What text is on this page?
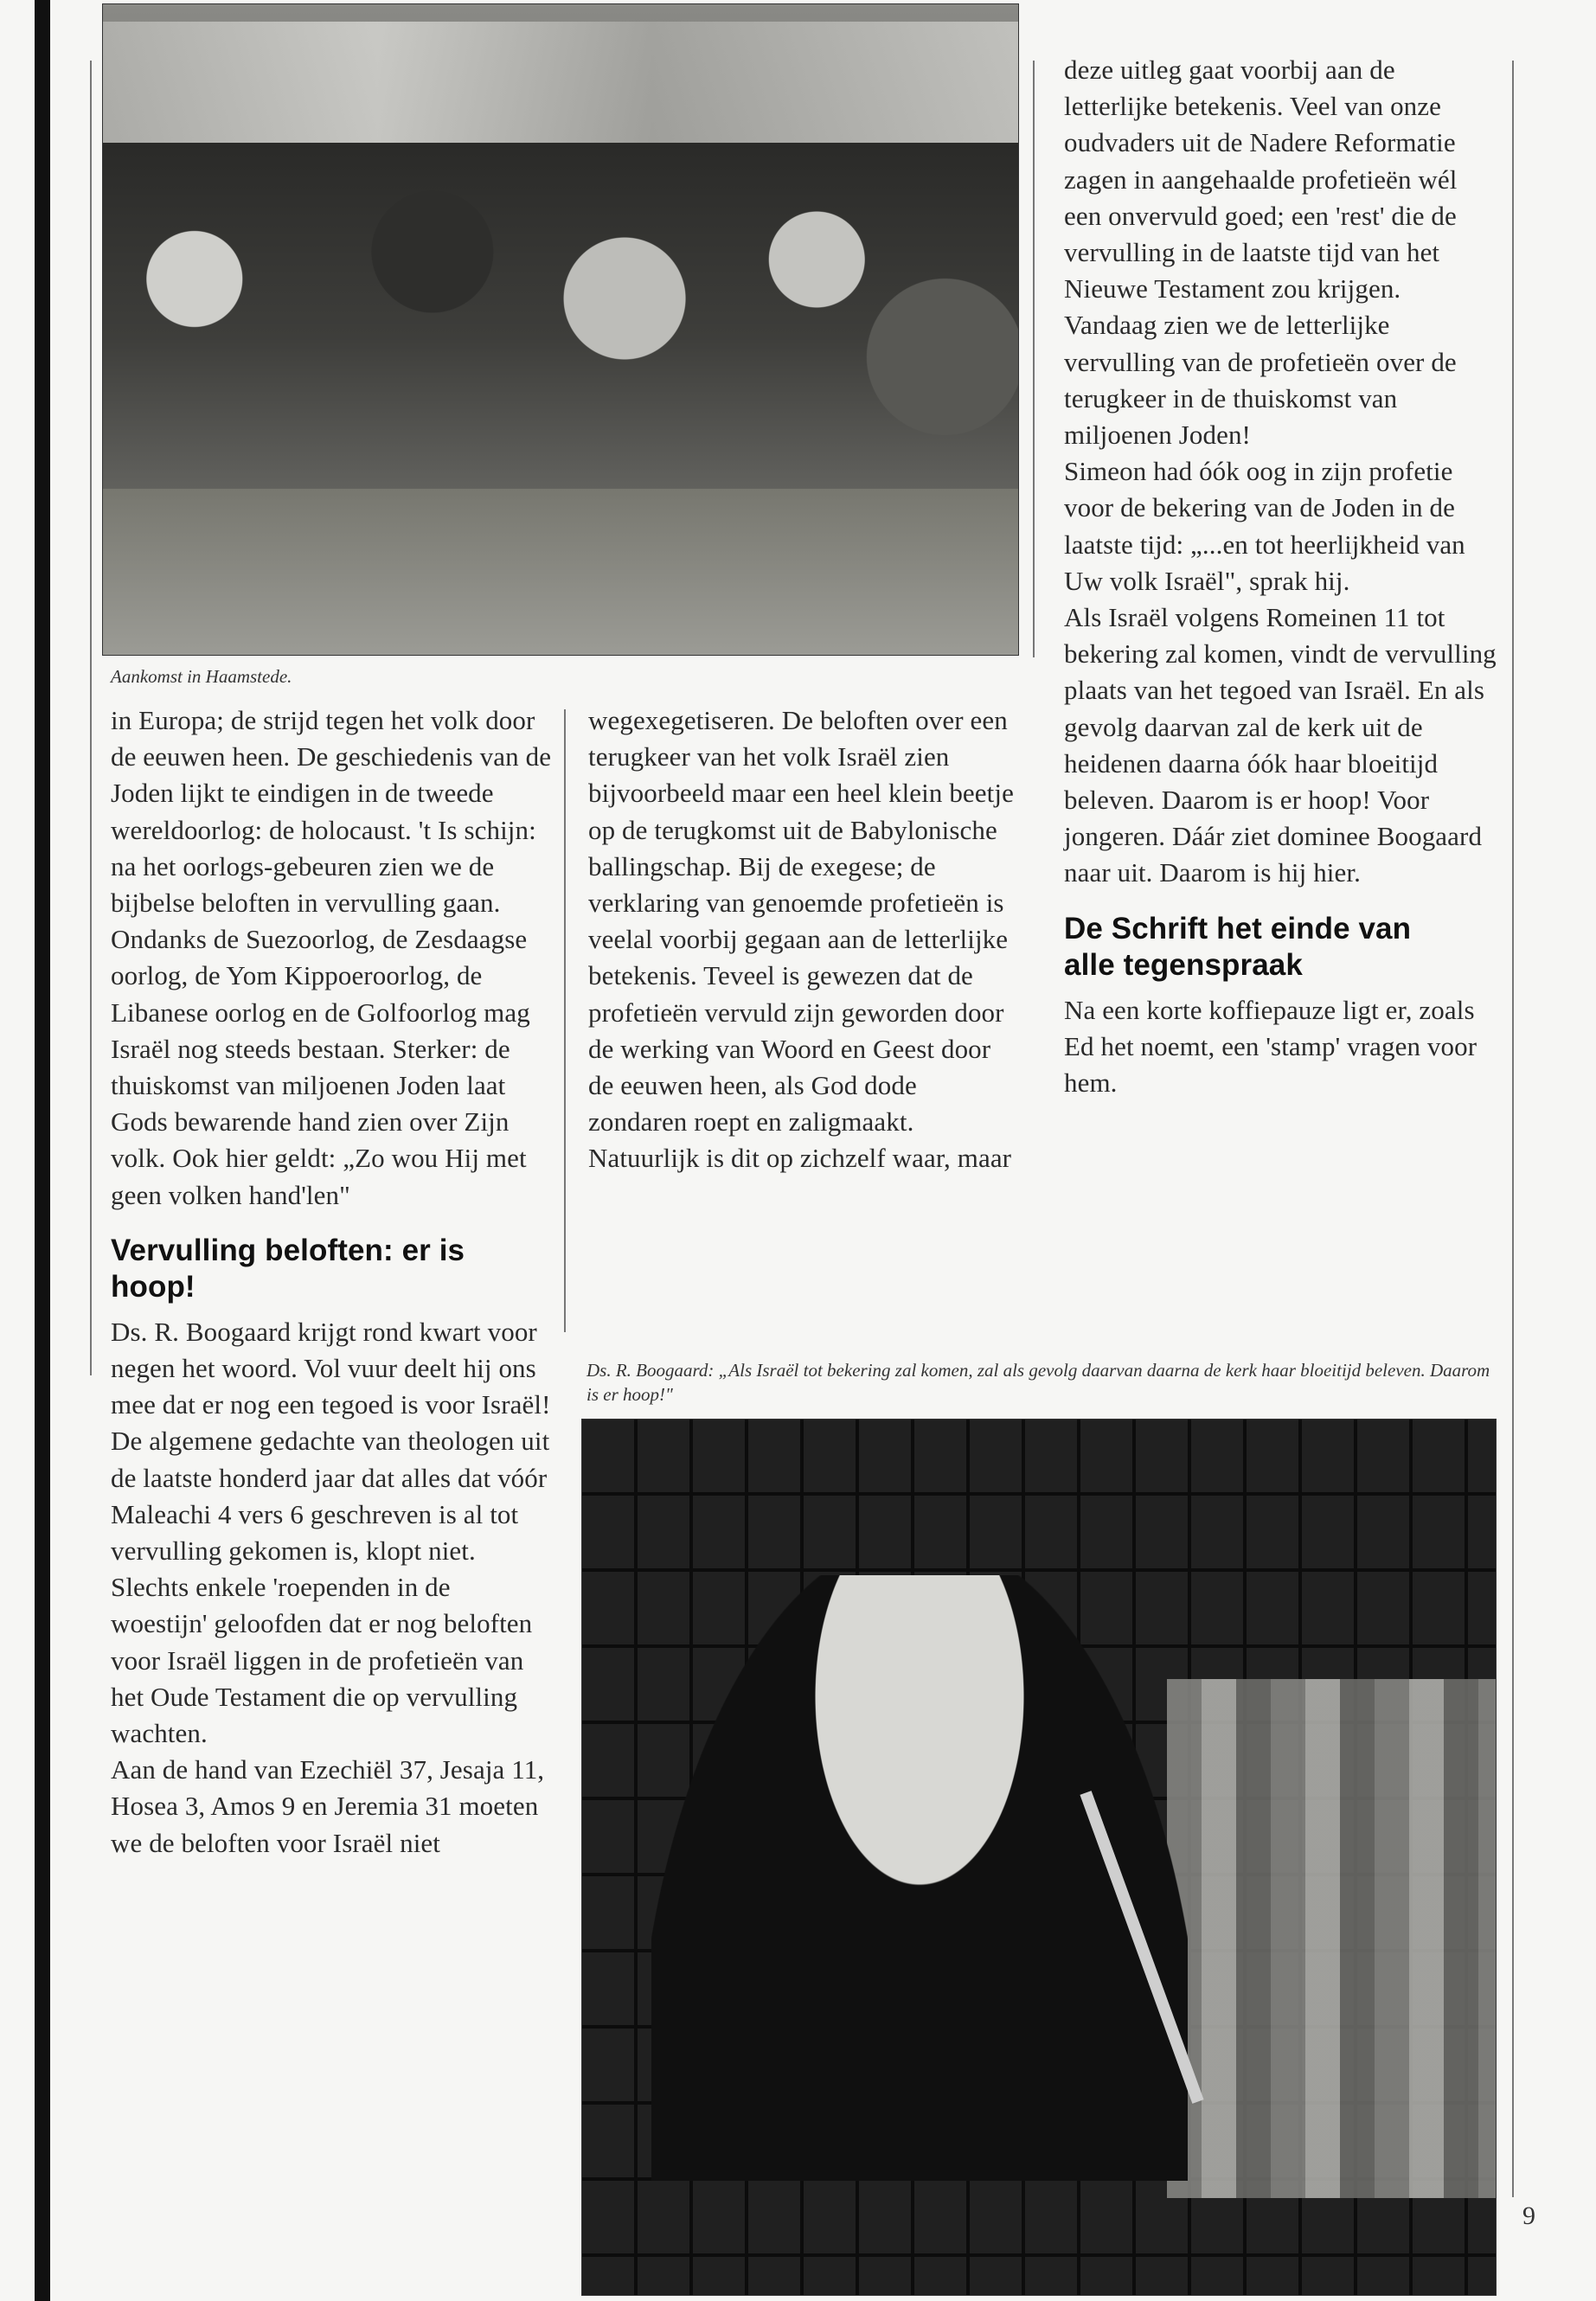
Aankomst in Haamstede.

in Europa; de strijd tegen het volk door de eeuwen heen. De geschiedenis van de Joden lijkt te eindigen in de tweede wereldoorlog: de holocaust. 't Is schijn: na het oorlogs-gebeuren zien we de bijbelse beloften in vervulling gaan. Ondanks de Suezoorlog, de Zesdaagse oorlog, de Yom Kippoeroorlog, de Libanese oorlog en de Golfoorlog mag Israël nog steeds bestaan. Sterker: de thuiskomst van miljoenen Joden laat Gods bewarende hand zien over Zijn volk. Ook hier geldt: „Zo wou Hij met geen volken hand'len"

Vervulling beloften: er is hoop!

Ds. R. Boogaard krijgt rond kwart voor negen het woord. Vol vuur deelt hij ons mee dat er nog een tegoed is voor Israël! De algemene gedachte van theologen uit de laatste honderd jaar dat alles dat vóór Maleachi 4 vers 6 geschreven is al tot vervulling gekomen is, klopt niet. Slechts enkele 'roependen in de woestijn' geloofden dat er nog beloften voor Israël liggen in de profetieën van het Oude Testament die op vervulling wachten.

Aan de hand van Ezechiël 37, Jesaja 11, Hosea 3, Amos 9 en Jeremia 31 moeten we de beloften voor Israël niet

wegexegetiseren. De beloften over een terugkeer van het volk Israël zien bijvoorbeeld maar een heel klein beetje op de terugkomst uit de Babylonische ballingschap. Bij de exegese; de verklaring van genoemde profetieën is veelal voorbij gegaan aan de letterlijke betekenis. Teveel is gewezen dat de profetieën vervuld zijn geworden door de werking van Woord en Geest door de eeuwen heen, als God dode zondaren roept en zaligmaakt. Natuurlijk is dit op zichzelf waar, maar

deze uitleg gaat voorbij aan de letterlijke betekenis. Veel van onze oudvaders uit de Nadere Reformatie zagen in aangehaalde profetieën wél een onvervuld goed; een 'rest' die de vervulling in de laatste tijd van het Nieuwe Testament zou krijgen.

Vandaag zien we de letterlijke vervulling van de profetieën over de terugkeer in de thuiskomst van miljoenen Joden!

Simeon had óók oog in zijn profetie voor de bekering van de Joden in de laatste tijd: „...en tot heerlijkheid van Uw volk Israël", sprak hij.

Als Israël volgens Romeinen 11 tot bekering zal komen, vindt de vervulling plaats van het tegoed van Israël. En als gevolg daarvan zal de kerk uit de heidenen daarna óók haar bloeitijd beleven. Daarom is er hoop! Voor jongeren. Dáár ziet dominee Boogaard naar uit. Daarom is hij hier.

De Schrift het einde van alle tegenspraak

Na een korte koffiepauze ligt er, zoals Ed het noemt, een 'stamp' vragen voor hem.

Ds. R. Boogaard: „Als Israël tot bekering zal komen, zal als gevolg daarvan daarna de kerk haar bloeitijd beleven. Daarom is er hoop!"
9
